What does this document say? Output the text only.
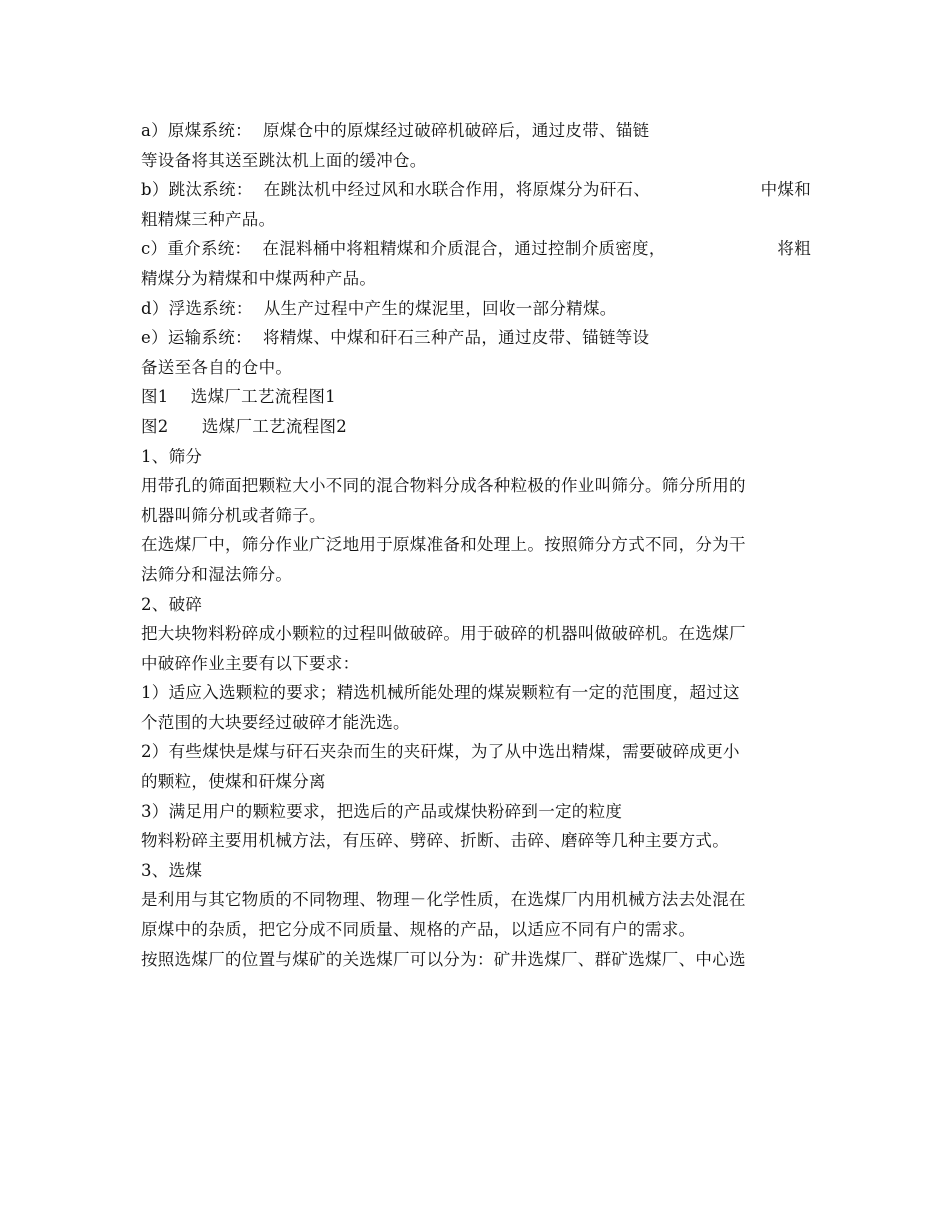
a）原煤系统：  原煤仓中的原煤经过破碎机破碎后，通过皮带、锚链
等设备将其送至跳汰机上面的缓冲仓。
b）跳汰系统：  在跳汰机中经过风和水联合作用，将原煤分为矸石、	中煤和
粗精煤三种产品。
c）重介系统：  在混料桶中将粗精煤和介质混合，通过控制介质密度，	将粗
精煤分为精煤和中煤两种产品。
d）浮选系统：  从生产过程中产生的煤泥里，回收一部分精煤。
e）运输系统：  将精煤、中煤和矸石三种产品，通过皮带、锚链等设
备送至各自的仓中。
图1    选煤厂工艺流程图1
图2      选煤厂工艺流程图2
1、筛分
用带孔的筛面把颗粒大小不同的混合物料分成各种粒极的作业叫筛分。筛分所用的
机器叫筛分机或者筛子。
在选煤厂中，筛分作业广泛地用于原煤准备和处理上。按照筛分方式不同，分为干
法筛分和湿法筛分。
2、破碎
把大块物料粉碎成小颗粒的过程叫做破碎。用于破碎的机器叫做破碎机。在选煤厂
中破碎作业主要有以下要求：
1）适应入选颗粒的要求；精选机械所能处理的煤炭颗粒有一定的范围度，超过这
个范围的大块要经过破碎才能洗选。
2）有些煤快是煤与矸石夹杂而生的夹矸煤，为了从中选出精煤，需要破碎成更小
的颗粒，使煤和矸煤分离
3）满足用户的颗粒要求，把选后的产品或煤快粉碎到一定的粒度
物料粉碎主要用机械方法，有压碎、劈碎、折断、击碎、磨碎等几种主要方式。
3、选煤
是利用与其它物质的不同物理、物理－化学性质，在选煤厂内用机械方法去处混在
原煤中的杂质，把它分成不同质量、规格的产品，以适应不同有户的需求。
按照选煤厂的位置与煤矿的关选煤厂可以分为：矿井选煤厂、群矿选煤厂、中心选
